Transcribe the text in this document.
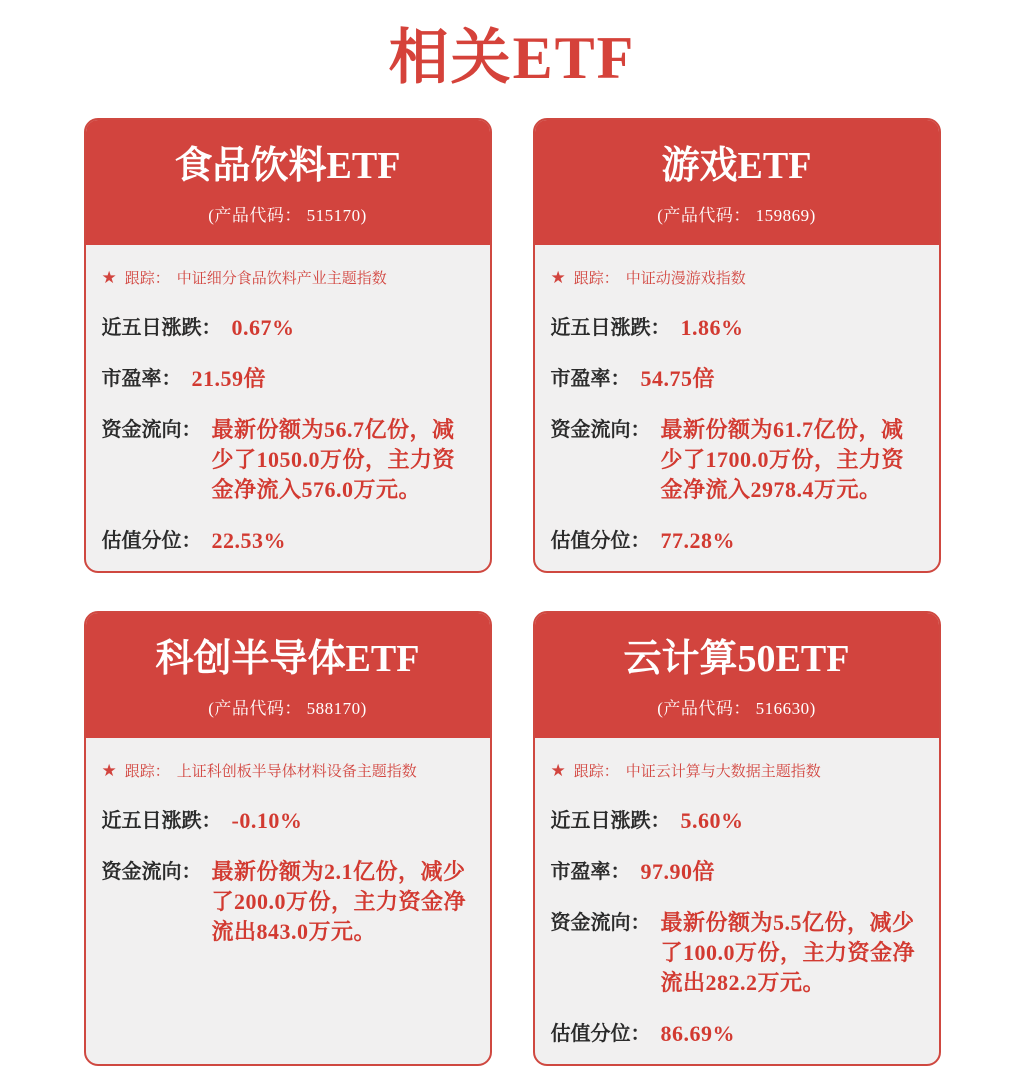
相关ETF
食品饮料ETF
(产品代码： 515170)
★ 跟踪： 中证细分食品饮料产业主题指数
近五日涨跌： 0.67%
市盈率： 21.59倍
资金流向： 最新份额为56.7亿份，减少了1050.0万份，主力资金净流入576.0万元。
估值分位： 22.53%
游戏ETF
(产品代码： 159869)
★ 跟踪： 中证动漫游戏指数
近五日涨跌： 1.86%
市盈率： 54.75倍
资金流向： 最新份额为61.7亿份，减少了1700.0万份，主力资金净流入2978.4万元。
估值分位： 77.28%
科创半导体ETF
(产品代码： 588170)
★ 跟踪： 上证科创板半导体材料设备主题指数
近五日涨跌： -0.10%
资金流向： 最新份额为2.1亿份，减少了200.0万份，主力资金净流出843.0万元。
云计算50ETF
(产品代码： 516630)
★ 跟踪： 中证云计算与大数据主题指数
近五日涨跌： 5.60%
市盈率： 97.90倍
资金流向： 最新份额为5.5亿份，减少了100.0万份，主力资金净流出282.2万元。
估值分位： 86.69%
